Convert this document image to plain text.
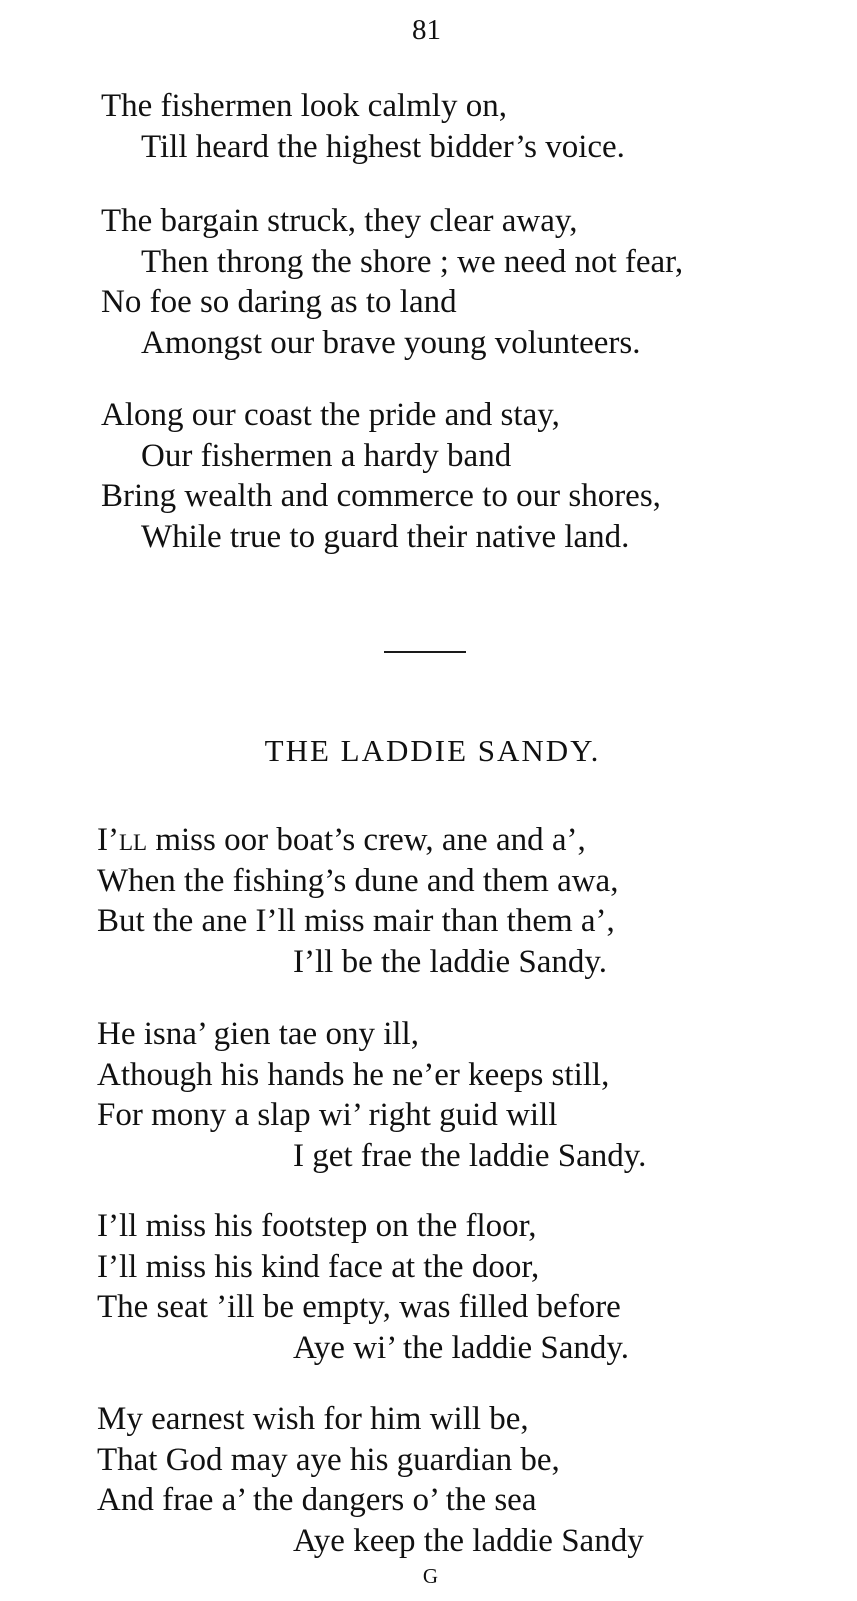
81
The fishermen look calmly on,
Till heard the highest bidder’s voice.
The bargain struck, they clear away,
Then throng the shore ; we need not fear,
No foe so daring as to land
Amongst our brave young volunteers.
Along our coast the pride and stay,
Our fishermen a hardy band
Bring wealth and commerce to our shores,
While true to guard their native land.
THE LADDIE SANDY.
I’ll miss oor boat’s crew, ane and a’,
When the fishing’s dune and them awa,
But the ane I’ll miss mair than them a’,
I’ll be the laddie Sandy.
He isna’ gien tae ony ill,
Athough his hands he ne’er keeps still,
For mony a slap wi’ right guid will
I get frae the laddie Sandy.
I’ll miss his footstep on the floor,
I’ll miss his kind face at the door,
The seat ’ill be empty, was filled before
Aye wi’ the laddie Sandy.
My earnest wish for him will be,
That God may aye his guardian be,
And frae a’ the dangers o’ the sea
Aye keep the laddie Sandy
G
